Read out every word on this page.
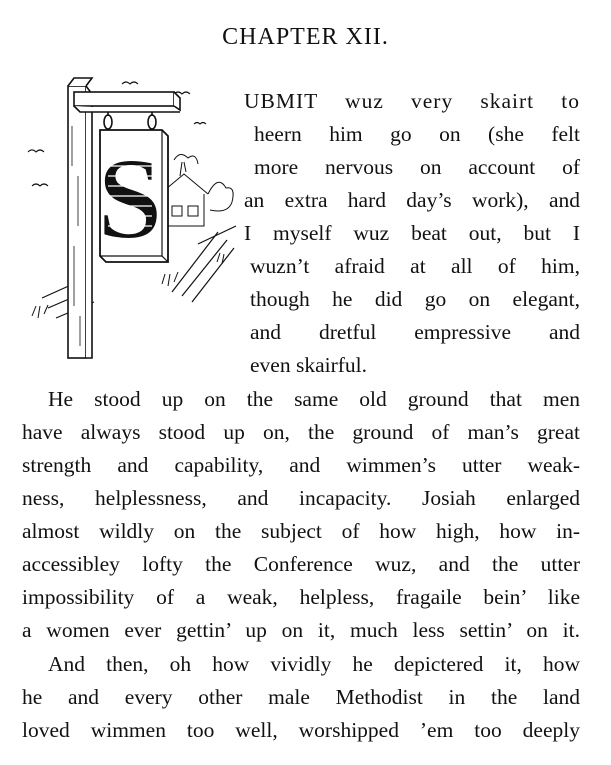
CHAPTER XII.
S
UBMIT wuz very skairt to
heern him go on (she felt
more nervous on account of
an extra hard day’s work), and
I myself wuz beat out, but I
wuzn’t afraid at all of him,
though he did go on elegant,
and dretful empressive and
even skairful.
He stood up on the same old ground that men
have always stood up on, the ground of man’s great
strength and capability, and wimmen’s utter weak-
ness, helplessness, and incapacity. Josiah enlarged
almost wildly on the subject of how high, how in-
accessibley lofty the Conference wuz, and the utter
impossibility of a weak, helpless, fragaile bein’ like
a women ever gettin’ up on it, much less settin’ on it.
And then, oh how vividly he depictered it, how
he and every other male Methodist in the land
loved wimmen too well, worshipped ’em too deeply
